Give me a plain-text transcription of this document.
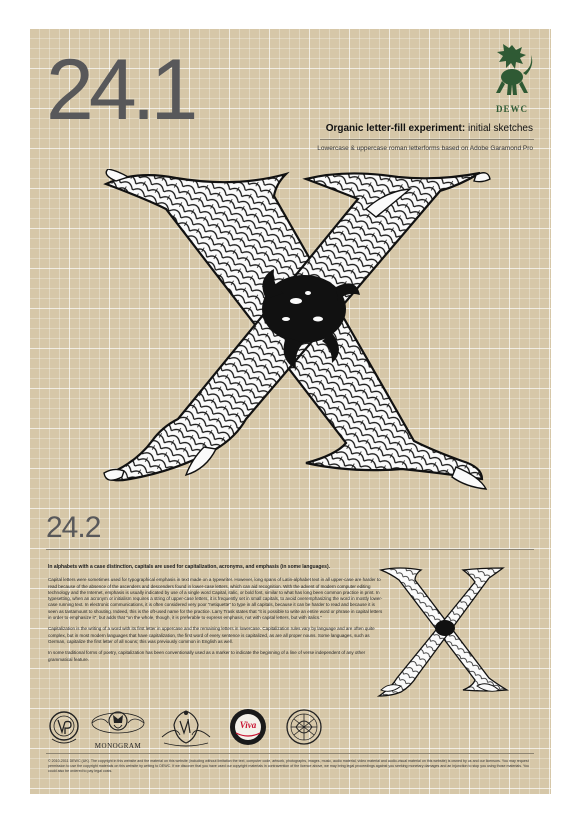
24.1	DEWC
Organic letter-fill experiment: initial sketches
Lowercase & uppercase roman letterforms based on Adobe Garamond Pro
24.2

In alphabets with a case distinction, capitals are used for capitalization, acronyms, and emphasis (in some languages).

Capital letters were sometimes used for typographical emphasis in text made on a typewriter. However, long spans of Latin-alphabet text in all upper-case are harder to read because of the absence of the ascenders and descenders found in lower-case letters, which can aid recognition. With the advent of modern computer editing technology and the Internet, emphasis is usually indicated by use of a single word Capital, italic, or bold font, similar to what has long been common practice in print. In typesetting, when an acronym or initialism requires a string of upper-case letters, it is frequently set in small capitals, to avoid overemphasizing the word in mostly lower-case running text. In electronic communications, it is often considered very poor "netiquette" to type in all capitals, because it can be harder to read and because it is seen as tantamount to shouting. Indeed, this is the oft-used name for the practice. Larry Trask states that "it is possible to write an entire word or phrase in capital letters in order to emphasize it", but adds that "on the whole, though, it is preferable to express emphasis, not with capital letters, but with italics."

Capitalization is the writing of a word with its first letter in uppercase and the remaining letters in lowercase. Capitalization rules vary by language and are often quite complex, but in most modern languages that have capitalization, the first word of every sentence is capitalized, as are all proper nouns. Some languages, such as German, capitalize the first letter of all nouns; this was previously common in English as well.

In some traditional forms of poetry, capitalization has been conventionally used as a marker to indicate the beginning of a line of verse independent of any other grammatical feature.

MONOGRAM
Viva
© 2010-2011 DEWC (UK). The copyright in this website and the material on this website (including without limitation the text, computer code, artwork, photographs, images, music, audio material, video material and audio-visual material on this website) is owned by us and our licensors. You may request permission to use the copyright materials on this website by writing to DEWC. If we discover that you have used our copyright materials in contravention of the licence above, we may bring legal proceedings against you seeking monetary damages and an injunction to stop you using those materials. You could also be ordered to pay legal costs.
